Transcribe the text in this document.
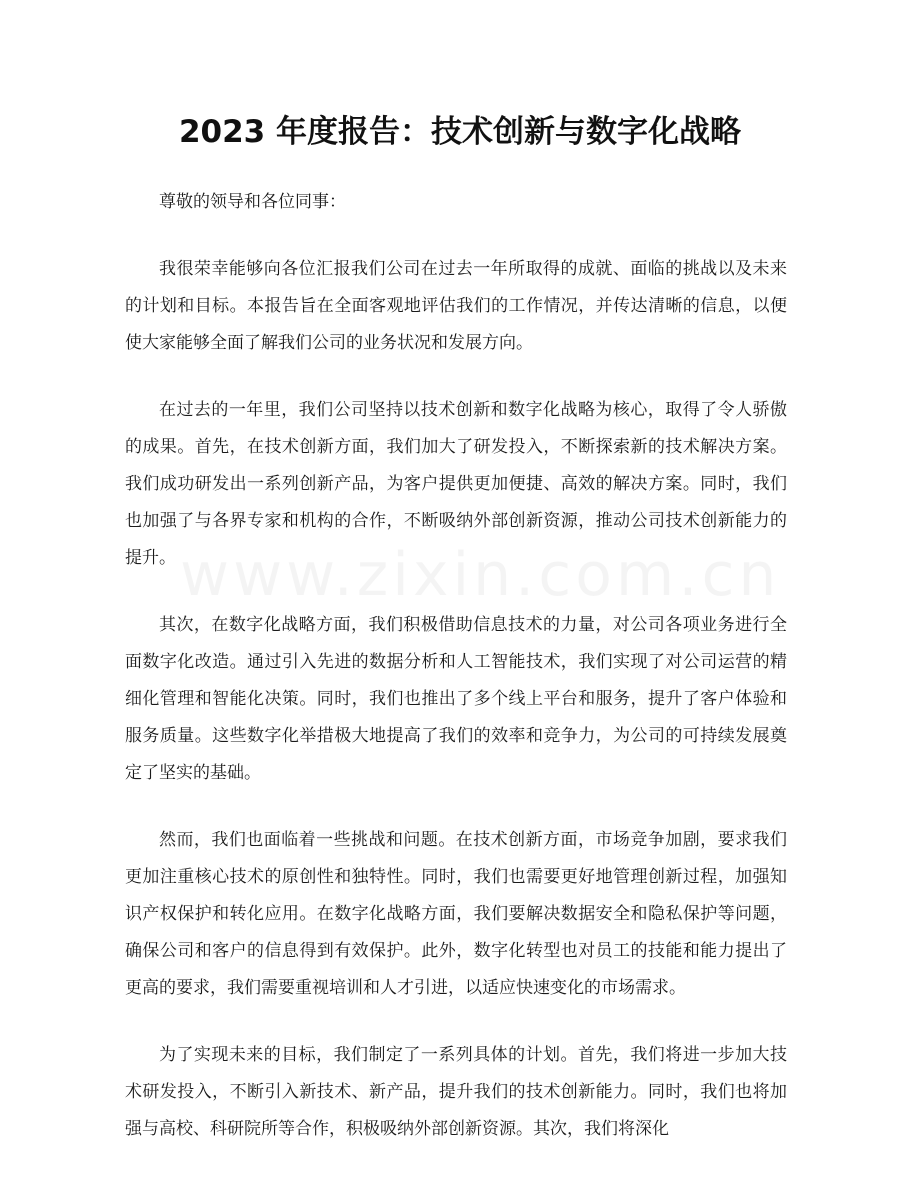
2023 年度报告：技术创新与数字化战略

尊敬的领导和各位同事：

我很荣幸能够向各位汇报我们公司在过去一年所取得的成就、面临的挑战以及未来的计划和目标。本报告旨在全面客观地评估我们的工作情况，并传达清晰的信息，以便使大家能够全面了解我们公司的业务状况和发展方向。

在过去的一年里，我们公司坚持以技术创新和数字化战略为核心，取得了令人骄傲的成果。首先，在技术创新方面，我们加大了研发投入，不断探索新的技术解决方案。我们成功研发出一系列创新产品，为客户提供更加便捷、高效的解决方案。同时，我们也加强了与各界专家和机构的合作，不断吸纳外部创新资源，推动公司技术创新能力的提升。

其次，在数字化战略方面，我们积极借助信息技术的力量，对公司各项业务进行全面数字化改造。通过引入先进的数据分析和人工智能技术，我们实现了对公司运营的精细化管理和智能化决策。同时，我们也推出了多个线上平台和服务，提升了客户体验和服务质量。这些数字化举措极大地提高了我们的效率和竞争力，为公司的可持续发展奠定了坚实的基础。

然而，我们也面临着一些挑战和问题。在技术创新方面，市场竞争加剧，要求我们更加注重核心技术的原创性和独特性。同时，我们也需要更好地管理创新过程，加强知识产权保护和转化应用。在数字化战略方面，我们要解决数据安全和隐私保护等问题，确保公司和客户的信息得到有效保护。此外，数字化转型也对员工的技能和能力提出了更高的要求，我们需要重视培训和人才引进，以适应快速变化的市场需求。

为了实现未来的目标，我们制定了一系列具体的计划。首先，我们将进一步加大技术研发投入，不断引入新技术、新产品，提升我们的技术创新能力。同时，我们也将加强与高校、科研院所等合作，积极吸纳外部创新资源。其次，我们将深化
